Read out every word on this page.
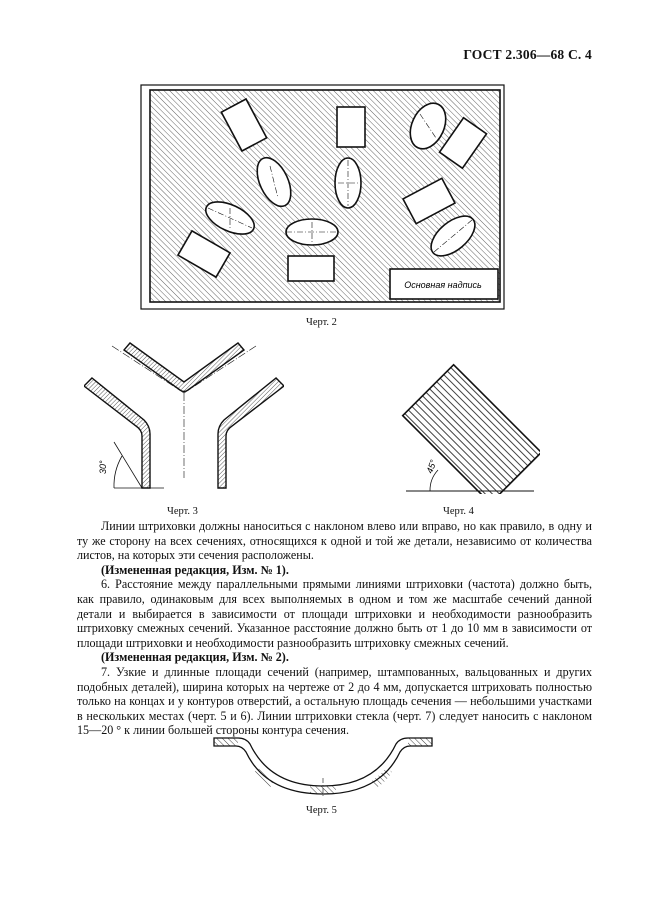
ГОСТ 2.306—68 С. 4
Основная надпись
Черт. 2
30°
Черт. 3
45°
Черт. 4

Линии штриховки должны наноситься с наклоном влево или вправо, но как правило, в одну и ту же сторону на всех сечениях, относящихся к одной и той же детали, независимо от количества листов, на которых эти сечения расположены.

(Измененная редакция, Изм. № 1).

6. Расстояние между параллельными прямыми линиями штриховки (частота) должно быть, как правило, одинаковым для всех выполняемых в одном и том же масштабе сечений данной детали и выбирается в зависимости от площади штриховки и необходимости разнообразить штриховку смежных сечений. Указанное расстояние должно быть от 1 до 10 мм в зависимости от площади штриховки и необходимости разнообразить штриховку смежных сечений.

(Измененная редакция, Изм. № 2).

7. Узкие и длинные площади сечений (например, штампованных, вальцованных и других подобных деталей), ширина которых на чертеже от 2 до 4 мм, допускается штриховать полностью только на концах и у контуров отверстий, а остальную площадь сечения — небольшими участками в нескольких местах (черт. 5 и 6). Линии штриховки стекла (черт. 7) следует наносить с наклоном 15—20 ° к линии большей стороны контура сечения.

Черт. 5
